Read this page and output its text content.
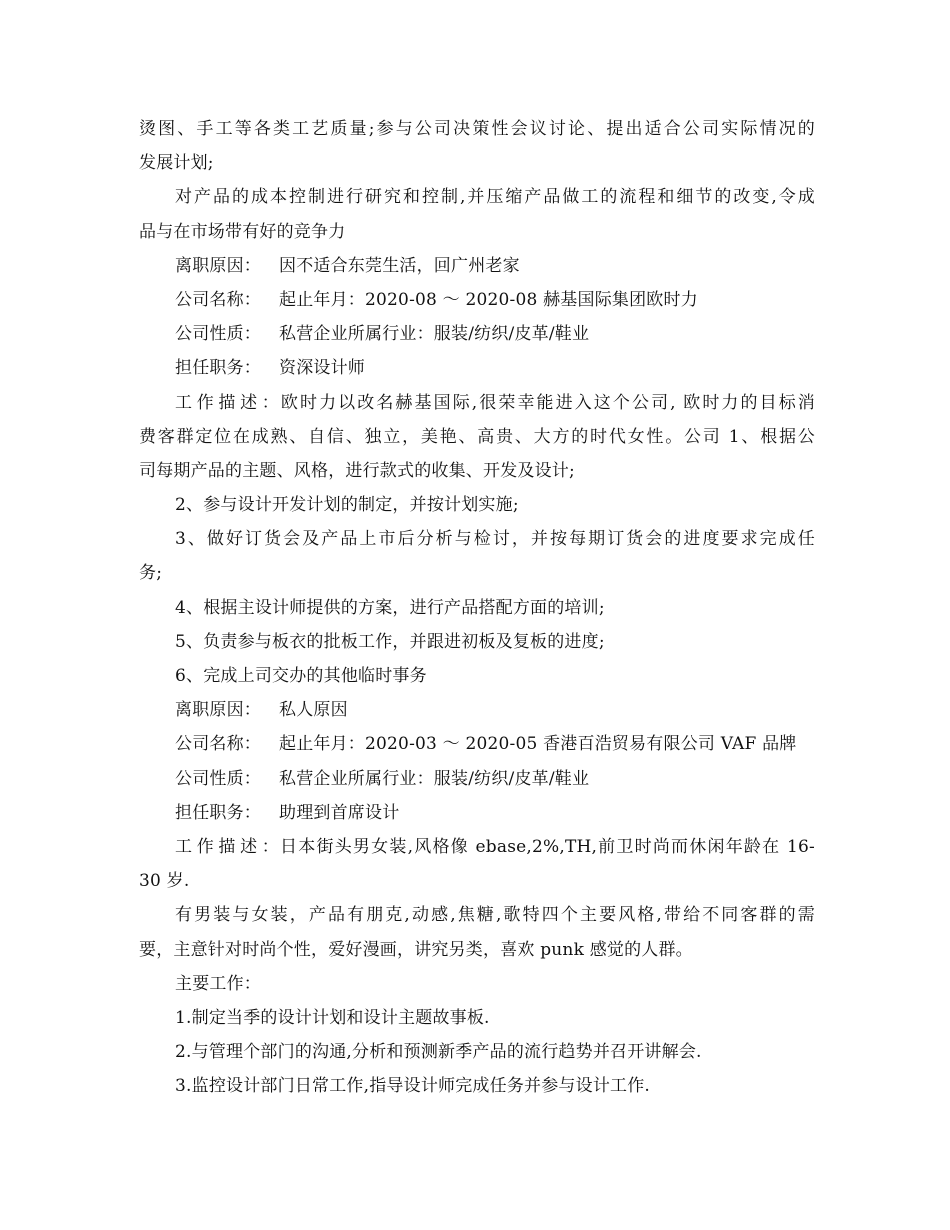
烫图、手工等各类工艺质量;参与公司决策性会议讨论、提出适合公司实际情况的
发展计划;
对产品的成本控制进行研究和控制,并压缩产品做工的流程和细节的改变,令成
品与在市场带有好的竞争力
离职原因： 因不适合东莞生活，回广州老家
公司名称： 起止年月：2020-08 ～ 2020-08 赫基国际集团欧时力
公司性质： 私营企业所属行业：服装/纺织/皮革/鞋业
担任职务： 资深设计师
工作描述：欧时力以改名赫基国际,很荣幸能进入这个公司, 欧时力的目标消
费客群定位在成熟、自信、独立，美艳、高贵、大方的时代女性。公司 1、根据公
司每期产品的主题、风格，进行款式的收集、开发及设计;
2、参与设计开发计划的制定，并按计划实施;
3、做好订货会及产品上市后分析与检讨，并按每期订货会的进度要求完成任
务;
4、根据主设计师提供的方案，进行产品搭配方面的培训;
5、负责参与板衣的批板工作，并跟进初板及复板的进度;
6、完成上司交办的其他临时事务
离职原因： 私人原因
公司名称： 起止年月：2020-03 ～ 2020-05 香港百浩贸易有限公司 VAF 品牌
公司性质： 私营企业所属行业：服装/纺织/皮革/鞋业
担任职务： 助理到首席设计
工作描述：日本街头男女装,风格像 ebase,2%,TH,前卫时尚而休闲年龄在 16-
30 岁.
有男装与女装，产品有朋克,动感,焦糖,歌特四个主要风格,带给不同客群的需
要，主意针对时尚个性，爱好漫画，讲究另类，喜欢 punk 感觉的人群。
主要工作：
1.制定当季的设计计划和设计主题故事板.
2.与管理个部门的沟通,分析和预测新季产品的流行趋势并召开讲解会.
3.监控设计部门日常工作,指导设计师完成任务并参与设计工作.
